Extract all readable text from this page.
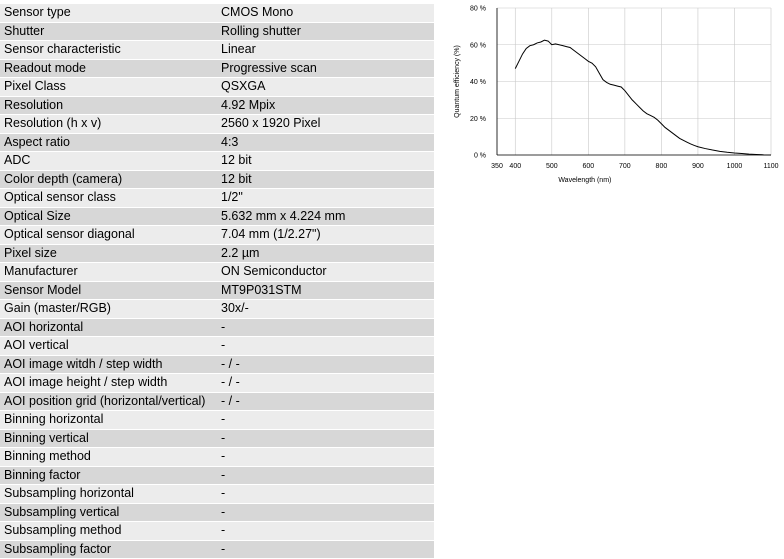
Sensor type	CMOS Mono
Shutter	Rolling shutter
Sensor characteristic	Linear
Readout mode	Progressive scan
Pixel Class	QSXGA
Resolution	4.92 Mpix
Resolution (h x v)	2560 x 1920 Pixel
Aspect ratio	4:3
ADC	12 bit
Color depth (camera)	12 bit
Optical sensor class	1/2"
Optical Size	5.632 mm x 4.224 mm
Optical sensor diagonal	7.04 mm (1/2.27")
Pixel size	2.2 µm
Manufacturer	ON Semiconductor
Sensor Model	MT9P031STM
Gain (master/RGB)	30x/-
AOI horizontal	-
AOI vertical	-
AOI image witdh / step width	- / -
AOI image height / step width	- / -
AOI position grid (horizontal/vertical)	- / -
Binning horizontal	-
Binning vertical	-
Binning method	-
Binning factor	-
Subsampling horizontal	-
Subsampling vertical	-
Subsampling method	-
Subsampling factor	-
350 400	500	600	700	800	900	1000	1100
0 %
20 %
40 %
60 %
80 %
Wavelength (nm)
Quantum efficiency (%)
